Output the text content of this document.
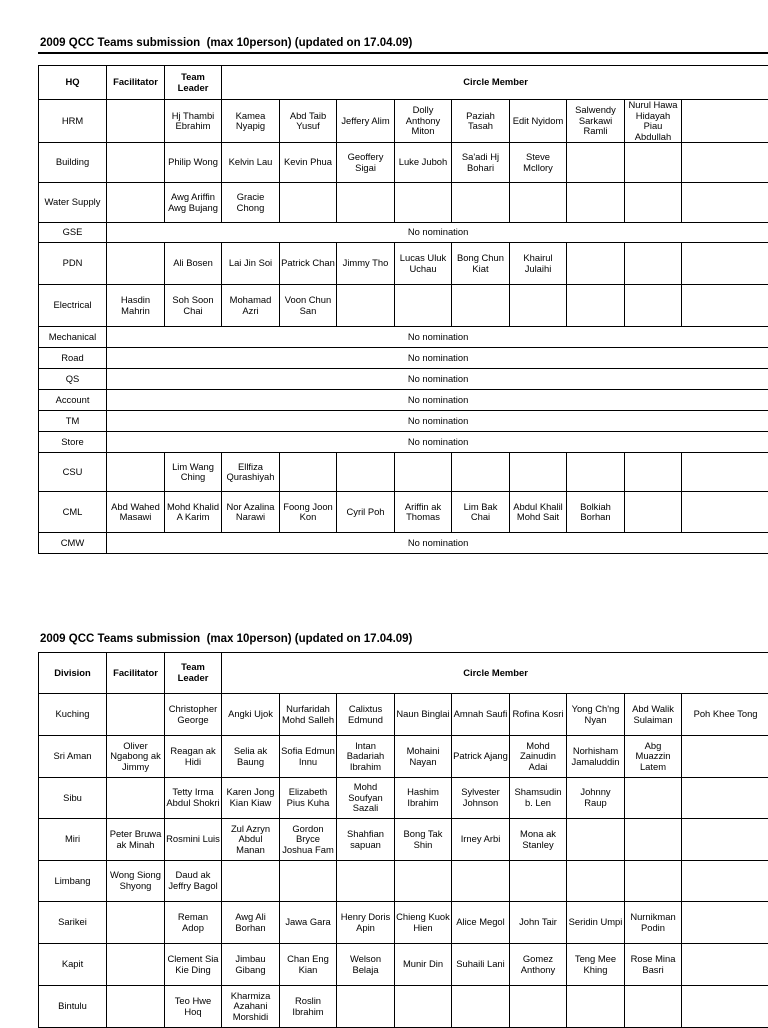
2009 QCC Teams submission  (max 10person) (updated on 17.04.09)
HQ	Facilitator	Team Leader	Circle Member								
HRM		Hj Thambi Ebrahim	Kamea Nyapig	Abd Taib Yusuf	Jeffery Alim	Dolly Anthony Miton	Paziah Tasah	Edit Nyidom	Salwendy Sarkawi Ramli	Nurul Hawa Hidayah Piau Abdullah	
Building		Philip Wong	Kelvin Lau	Kevin Phua	Geoffery Sigai	Luke Juboh	Sa'adi Hj Bohari	Steve Mcllory			
Water Supply		Awg Ariffin Awg Bujang	Gracie Chong								
GSE	No nomination										
PDN		Ali Bosen	Lai Jin Soi	Patrick Chan	Jimmy Tho	Lucas Uluk Uchau	Bong Chun Kiat	Khairul Julaihi			
Electrical	Hasdin Mahrin	Soh Soon Chai	Mohamad Azri	Voon Chun San							
Mechanical	No nomination										
Road	No nomination										
QS	No nomination										
Account	No nomination										
TM	No nomination										
Store	No nomination										
CSU		Lim Wang Ching	Ellfiza Qurashiyah								
CML	Abd Wahed Masawi	Mohd Khalid A Karim	Nor Azalina Narawi	Foong Joon Kon	Cyril Poh	Ariffin ak Thomas	Lim Bak Chai	Abdul Khalil Mohd Sait	Bolkiah Borhan		
CMW	No nomination										
2009 QCC Teams submission  (max 10person) (updated on 17.04.09)
Division	Facilitator	Team Leader	Circle Member								
Kuching		Christopher George	Angki Ujok	Nurfaridah Mohd Salleh	Calixtus Edmund	Naun Binglai	Amnah Saufi	Rofina Kosri	Yong Ch'ng Nyan	Abd Walik Sulaiman	Poh Khee Tong
Sri Aman	Oliver Ngabong ak Jimmy	Reagan ak Hidi	Selia ak Baung	Sofia Edmun Innu	Intan Badariah Ibrahim	Mohaini Nayan	Patrick Ajang	Mohd Zainudin Adai	Norhisham Jamaluddin	Abg Muazzin Latem	
Sibu		Tetty Irma Abdul Shokri	Karen Jong Kian Kiaw	Elizabeth Pius Kuha	Mohd Soufyan Sazali	Hashim Ibrahim	Sylvester Johnson	Shamsudin b. Len	Johnny Raup		
Miri	Peter Bruwa ak Minah	Rosmini Luis	Zul Azryn Abdul Manan	Gordon Bryce Joshua Fam	Shahfian sapuan	Bong Tak Shin	Irney Arbi	Mona ak Stanley			
Limbang	Wong Siong Shyong	Daud ak Jeffry Bagol									
Sarikei		Reman Adop	Awg Ali Borhan	Jawa Gara	Henry Doris Apin	Chieng Kuok Hien	Alice Megol	John Tair	Seridin Umpi	Nurnikman Podin	
Kapit		Clement Sia Kie Ding	Jimbau Gibang	Chan Eng Kian	Welson Belaja	Munir Din	Suhaili Lani	Gomez Anthony	Teng Mee Khing	Rose Mina Basri	
Bintulu		Teo Hwe Hoq	Kharmiza Azahani Morshidi	Roslin Ibrahim							
